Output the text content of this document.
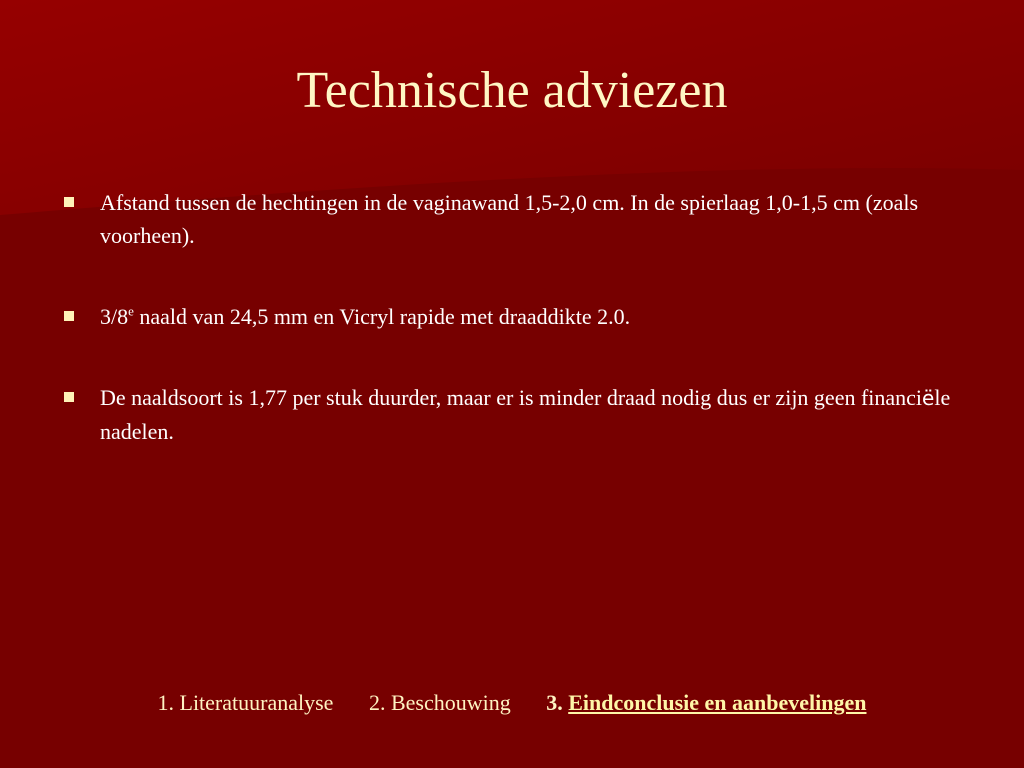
Technische adviezen
Afstand tussen de hechtingen in de vaginawand 1,5-2,0 cm. In de spierlaag 1,0-1,5 cm (zoals voorheen).
3/8e naald van 24,5 mm en Vicryl rapide met draaddikte 2.0.
De naaldsoort is 1,77 per stuk duurder, maar er is minder draad nodig dus er zijn geen financiële nadelen.
1. Literatuuranalyse 2. Beschouwing 3. Eindconclusie en aanbevelingen
